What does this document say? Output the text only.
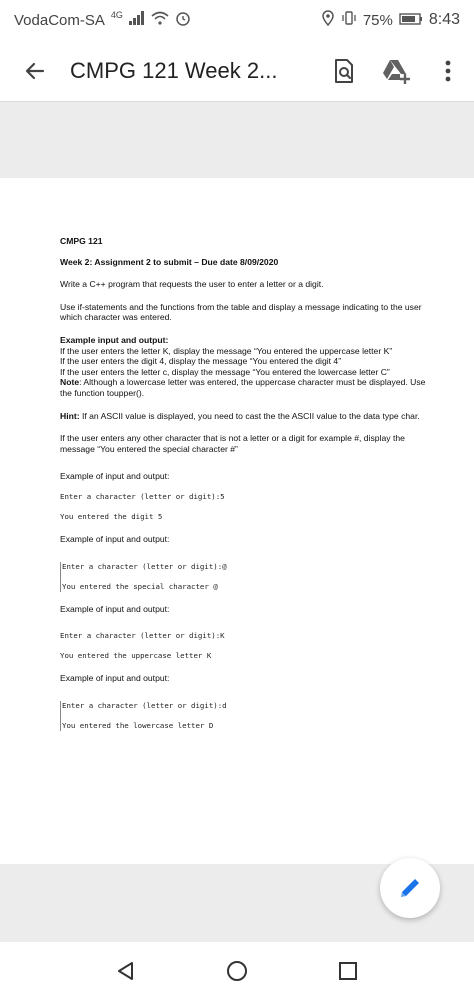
VodaCom-SA 4G	75% 8:43
CMPG 121 Week 2...

CMPG 121

Week 2: Assignment 2 to submit – Due date 8/09/2020

Write a C++ program that requests the user to enter a letter or a digit.

Use if-statements and the functions from the table and display a message indicating to the user which character was entered.

Example input and output:

If the user enters the letter K, display the message “You entered the uppercase letter K”

If the user enters the digit 4, display the message “You entered the digit 4”

If the user enters the letter c, display the message “You entered the lowercase letter C”

Note: Although a lowercase letter was entered, the uppercase character must be displayed. Use the function toupper().

Hint: If an ASCII value is displayed, you need to cast the the ASCII value to the data type char.

If the user enters any other character that is not a letter or a digit for example #, display the message “You entered the special character #”

Example of input and output:

Enter a character (letter or digit):5

You entered the digit 5

Example of input and output:

Enter a character (letter or digit):@

You entered the special character @

Example of input and output:

Enter a character (letter or digit):K

You entered the uppercase letter K

Example of input and output:

Enter a character (letter or digit):d

You entered the lowercase letter D
